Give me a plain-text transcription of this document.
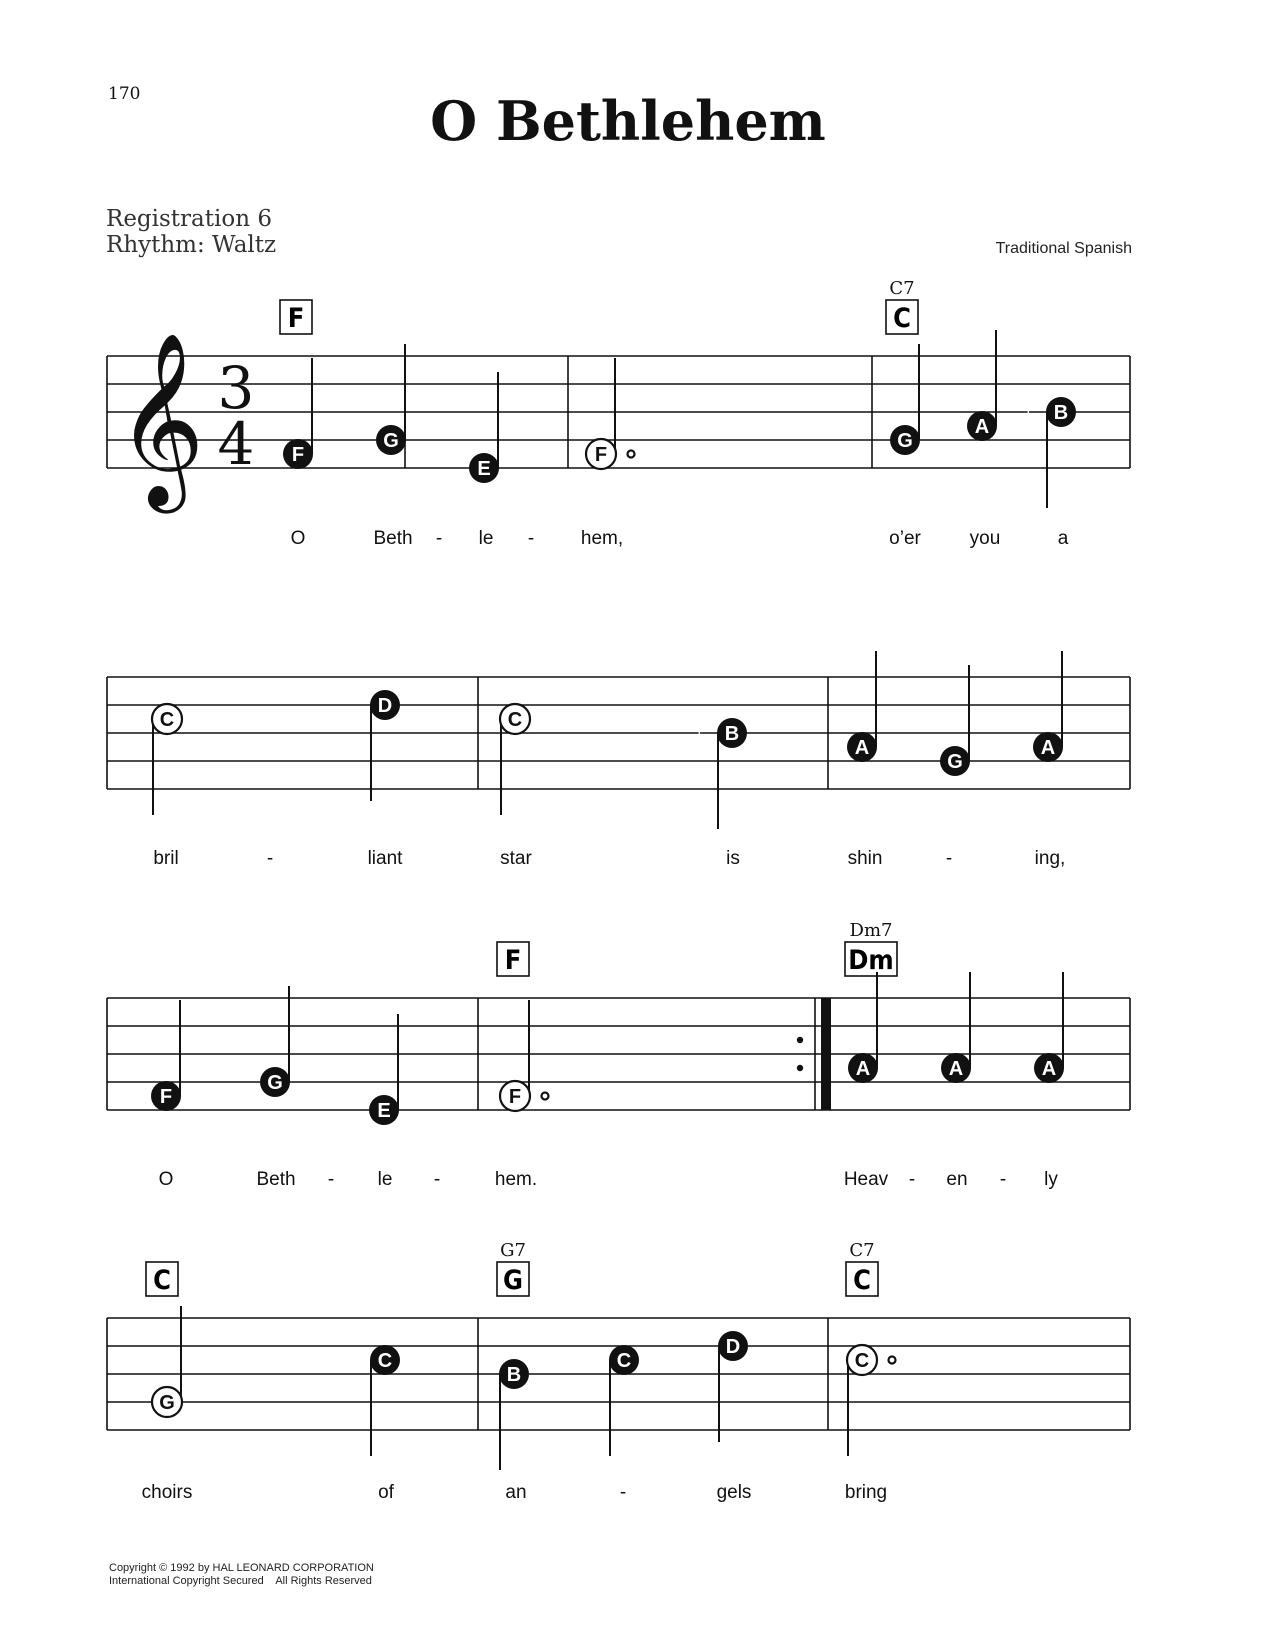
170	O Bethlehem
Registration 6
Rhythm: Waltz	Traditional Spanish
𝄞 3
4
F	C
C7
F
G
E
F
G
A
B
♭
O	Beth - le - hem,	o’er	you	a
C
D
C
B
♭	A
G
A
bril	-	liant	star	is	shin	-	ing,
F	Dm
Dm7
F
G
E
F
A	A	A
O	Beth - le -	hem.	Heav - en - ly
C	G
G7
C
C7
G
C
B
C
D
C
choirs	of	an	-	gels	bring
Copyright © 1992 by HAL LEONARD CORPORATION
International Copyright Secured    All Rights Reserved
